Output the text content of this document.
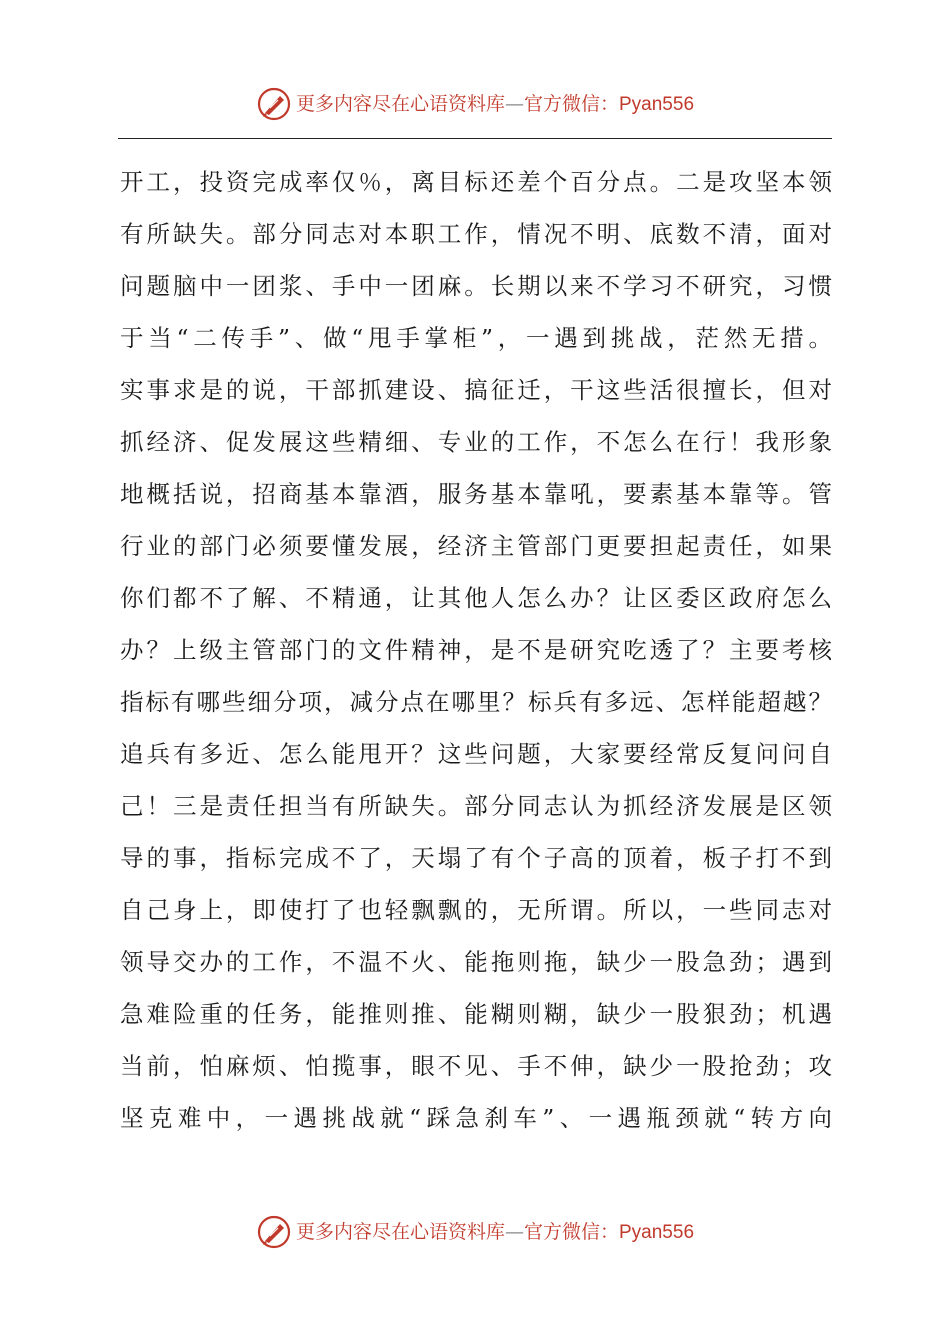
更多内容尽在心语资料库 — 官方微信： Pyan556
开工，投资完成率仅％，离目标还差个百分点。二是攻坚本领
有所缺失。部分同志对本职工作，情况不明、底数不清，面对
问题脑中一团浆、手中一团麻。长期以来不学习不研究，习惯
于当“二传手”、做“甩手掌柜”，一遇到挑战，茫然无措。
实事求是的说，干部抓建设、搞征迁，干这些活很擅长，但对
抓经济、促发展这些精细、专业的工作，不怎么在行！我形象
地概括说，招商基本靠酒，服务基本靠吼，要素基本靠等。管
行业的部门必须要懂发展，经济主管部门更要担起责任，如果
你们都不了解、不精通，让其他人怎么办？让区委区政府怎么
办？上级主管部门的文件精神，是不是研究吃透了？主要考核
指标有哪些细分项，减分点在哪里？标兵有多远、怎样能超越？
追兵有多近、怎么能甩开？这些问题，大家要经常反复问问自
己！三是责任担当有所缺失。部分同志认为抓经济发展是区领
导的事，指标完成不了，天塌了有个子高的顶着，板子打不到
自己身上，即使打了也轻飘飘的，无所谓。所以，一些同志对
领导交办的工作，不温不火、能拖则拖，缺少一股急劲；遇到
急难险重的任务，能推则推、能糊则糊，缺少一股狠劲；机遇
当前，怕麻烦、怕揽事，眼不见、手不伸，缺少一股抢劲；攻
坚克难中，一遇挑战就“踩急刹车”、一遇瓶颈就“转方向
更多内容尽在心语资料库 — 官方微信： Pyan556
